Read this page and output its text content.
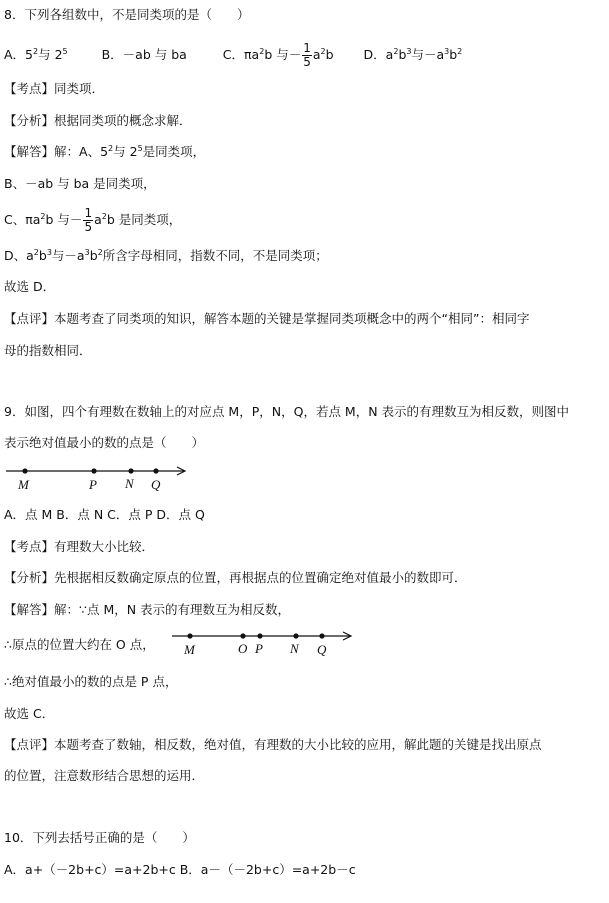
8．下列各组数中，不是同类项的是（　　）
A．$5^2$与 $2^5$	B．－ab 与 ba	C．$\pi a^2b$ 与－ $\frac{1}{5} a^2b$ D．$a^2b^3$与$-a^3b^2$
【考点】同类项．
【分析】根据同类项的概念求解．
【解答】解：A、$5^2$与 $2^5$是同类项，
B、－ab 与 ba 是同类项，
C、$\pi a^2b$ 与－ $\frac{1}{5} a^2b$ 是同类项，
D、$a^2b^3$与$-a^3b^2$所含字母相同，指数不同，不是同类项；
故选 D．
【点评】本题考查了同类项的知识，解答本题的关键是掌握同类项概念中的两个“相同”：相同字
母的指数相同．
9．如图，四个有理数在数轴上的对应点 M，P，N，Q，若点 M，N 表示的有理数互为相反数，则图中
表示绝对值最小的数的点是（　　）
M	P N Q
A．点 M B．点 N C．点 P D．点 Q
【考点】有理数大小比较．
【分析】先根据相反数确定原点的位置，再根据点的位置确定绝对值最小的数即可．
【解答】解：∵点 M，N 表示的有理数互为相反数，
∴原点的位置大约在 O 点， M	O P N Q
∴绝对值最小的数的点是 P 点，
故选 C．
【点评】本题考查了数轴，相反数，绝对值，有理数的大小比较的应用，解此题的关键是找出原点
的位置，注意数形结合思想的运用．
10．下列去括号正确的是（　　）
A．a+（－2b+c）=a+2b+c B．a－（－2b+c）=a+2b－c
